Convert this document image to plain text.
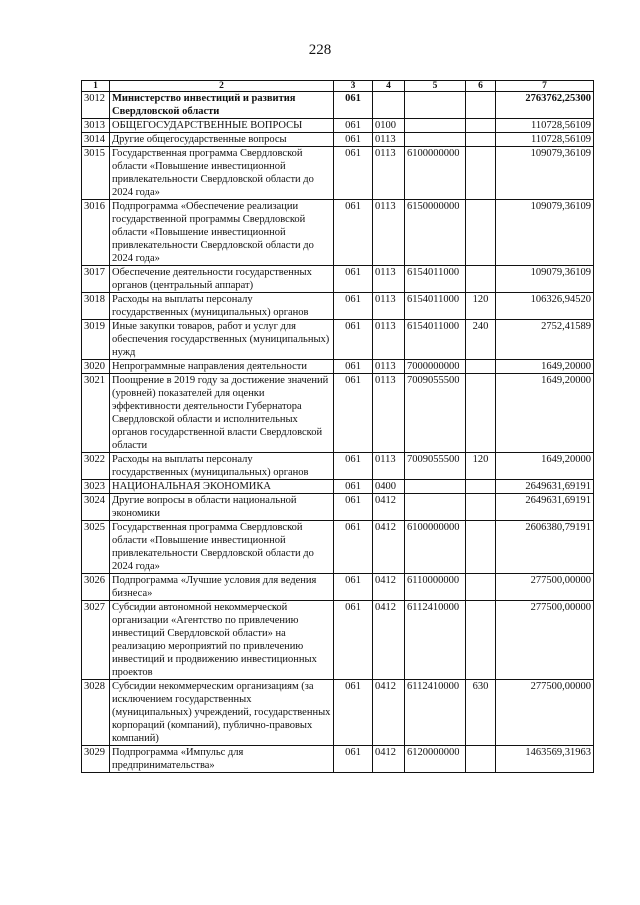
228
1	2	3	4	5	6	7
3012	Министерство инвестиций и развития Свердловской области	061				2763762,25300
3013	ОБЩЕГОСУДАРСТВЕННЫЕ ВОПРОСЫ	061	0100			110728,56109
3014	Другие общегосударственные вопросы	061	0113			110728,56109
3015	Государственная программа Свердловской области «Повышение инвестиционной привлекательности Свердловской области до 2024 года»	061	0113	6100000000		109079,36109
3016	Подпрограмма «Обеспечение реализации государственной программы Свердловской области «Повышение инвестиционной привлекательности Свердловской области до 2024 года»	061	0113	6150000000		109079,36109
3017	Обеспечение деятельности государственных органов (центральный аппарат)	061	0113	6154011000		109079,36109
3018	Расходы на выплаты персоналу государственных (муниципальных) органов	061	0113	6154011000	120	106326,94520
3019	Иные закупки товаров, работ и услуг для обеспечения государственных (муниципальных) нужд	061	0113	6154011000	240	2752,41589
3020	Непрограммные направления деятельности	061	0113	7000000000		1649,20000
3021	Поощрение в 2019 году за достижение значений (уровней) показателей для оценки эффективности деятельности Губернатора Свердловской области и исполнительных органов государственной власти Свердловской области	061	0113	7009055500		1649,20000
3022	Расходы на выплаты персоналу государственных (муниципальных) органов	061	0113	7009055500	120	1649,20000
3023	НАЦИОНАЛЬНАЯ ЭКОНОМИКА	061	0400			2649631,69191
3024	Другие вопросы в области национальной экономики	061	0412			2649631,69191
3025	Государственная программа Свердловской области «Повышение инвестиционной привлекательности Свердловской области до 2024 года»	061	0412	6100000000		2606380,79191
3026	Подпрограмма «Лучшие условия для ведения бизнеса»	061	0412	6110000000		277500,00000
3027	Субсидии автономной некоммерческой организации «Агентство по привлечению инвестиций Свердловской области» на реализацию мероприятий по привлечению инвестиций и продвижению инвестиционных проектов	061	0412	6112410000		277500,00000
3028	Субсидии некоммерческим организациям (за исключением государственных (муниципальных) учреждений, государственных корпораций (компаний), публично-правовых компаний)	061	0412	6112410000	630	277500,00000
3029	Подпрограмма «Импульс для предпринимательства»	061	0412	6120000000		1463569,31963
